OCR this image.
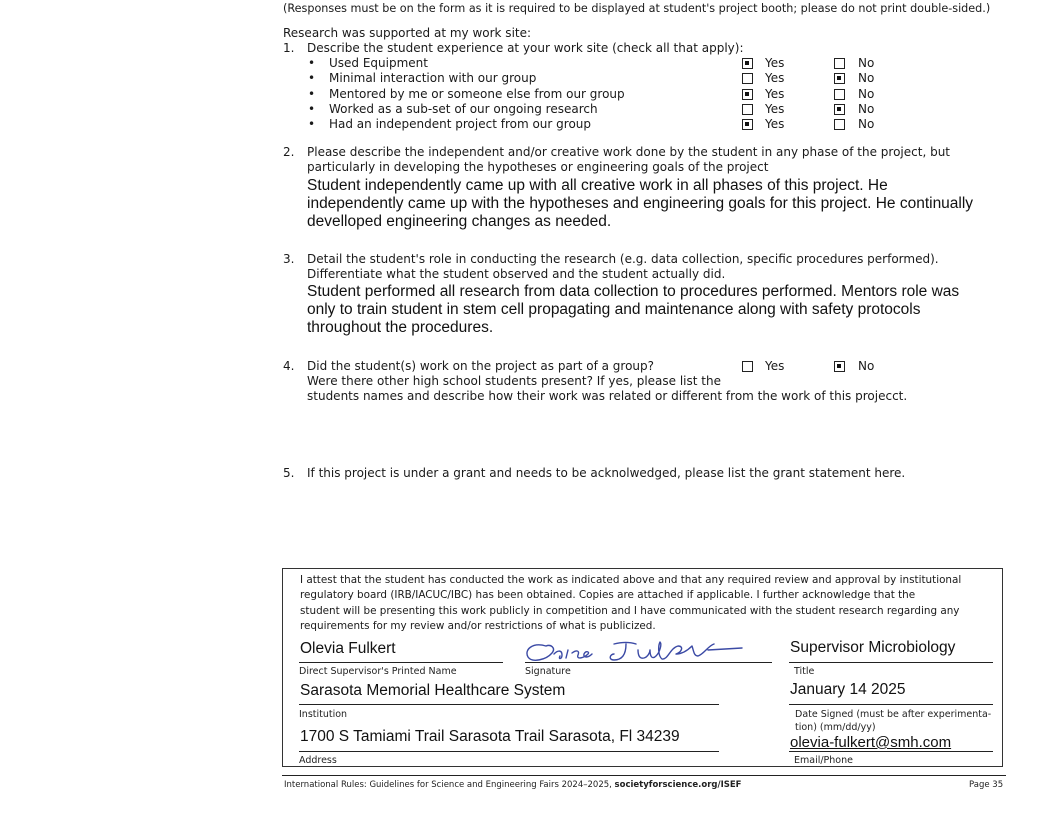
(Responses must be on the form as it is required to be displayed at student's project booth; please do not print double-sided.)
Research was supported at my work site:
1.	Describe the student experience at your work site (check all that apply):
•	Used Equipment	Yes	No
•	Minimal interaction with our group	Yes	No
•	Mentored by me or someone else from our group	Yes	No
•	Worked as a sub-set of our ongoing research	Yes	No
•	Had an independent project from our group	Yes	No
2.	Please describe the independent and/or creative work done by the student in any phase of the project, but
particularly in developing the hypotheses or engineering goals of the project
Student independently came up with all creative work in all phases of this project. He
independently came up with the hypotheses and engineering goals for this project. He continually
develloped engineering changes as needed.
3.	Detail the student's role in conducting the research (e.g. data collection, specific procedures performed).
Differentiate what the student observed and the student actually did.
Student performed all research from data collection to procedures performed. Mentors role was
only to train student in stem cell propagating and maintenance along with safety protocols
throughout the procedures.
4.	Did the student(s) work on the project as part of a group?	Yes	No
Were there other high school students present? If yes, please list the
students names and describe how their work was related or different from the work of this projecct.
5.	If this project is under a grant and needs to be acknolwedged, please list the grant statement here.
I attest that the student has conducted the work as indicated above and that any required review and approval by institutional
regulatory board (IRB/IACUC/IBC) has been obtained. Copies are attached if applicable. I further acknowledge that the
student will be presenting this work publicly in competition and I have communicated with the student research regarding any
requirements for my review and/or restrictions of what is publicized.
Olevia Fulkert
Direct Supervisor's Printed Name	Signature
Supervisor Microbiology
Title
Sarasota Memorial Healthcare System
Institution
January 14 2025
Date Signed (must be after experimenta-
tion) (mm/dd/yy)
1700 S Tamiami Trail Sarasota Trail Sarasota, Fl 34239
Address
olevia-fulkert@smh.com
Email/Phone
International Rules: Guidelines for Science and Engineering Fairs 2024–2025, societyforscience.org/ISEF	Page 35
